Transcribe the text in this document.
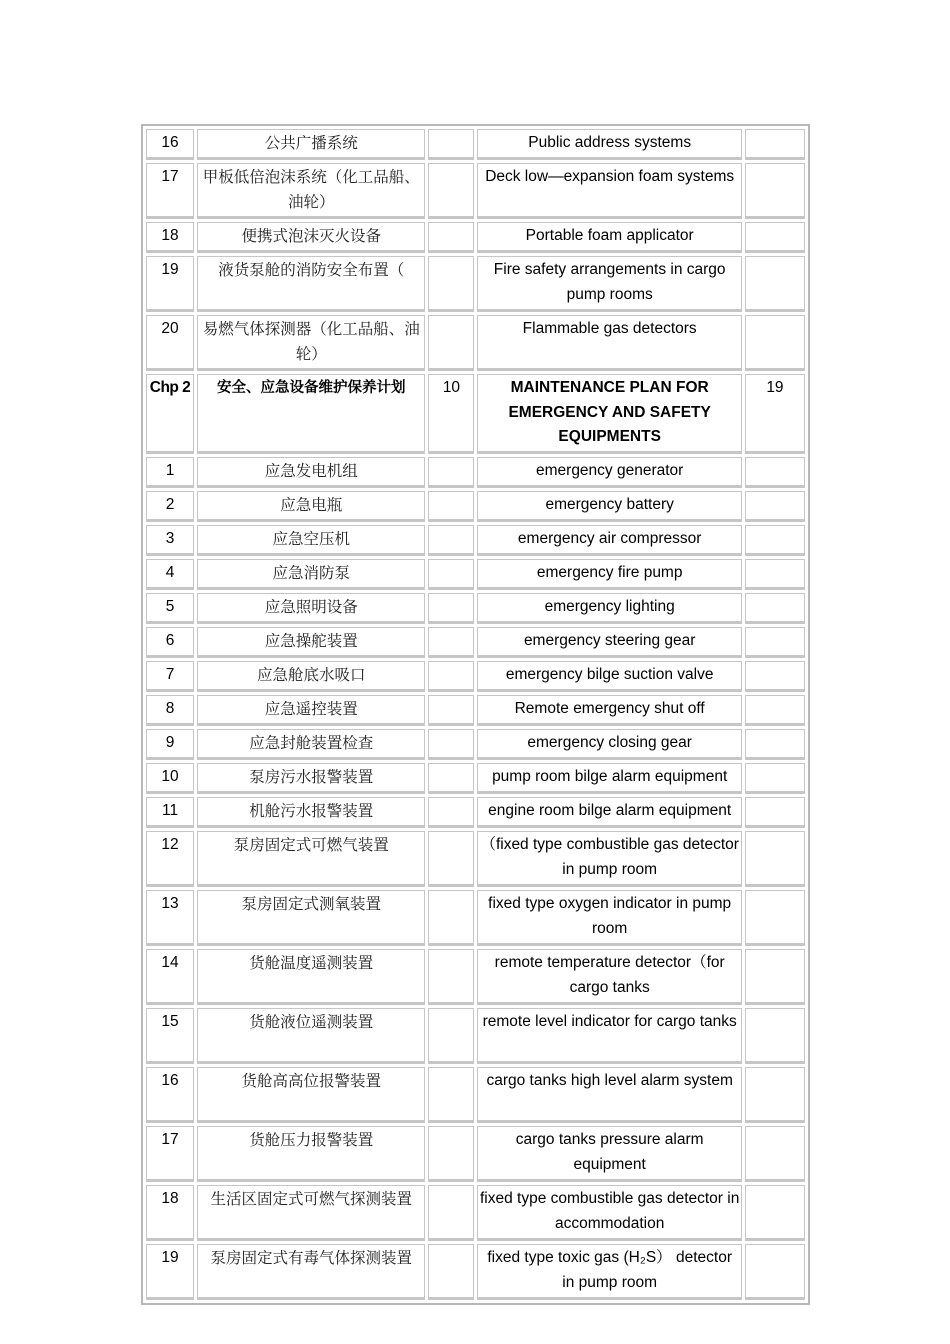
16	公共广播系统		Public address systems	
17	甲板低倍泡沫系统（化工品船、油轮）		Deck low—expansion foam systems	
18	便携式泡沫灭火设备		Portable foam applicator	
19	液货泵舱的消防安全布置（		Fire safety arrangements in cargo pump rooms	
20	易燃气体探测器（化工品船、油轮）		Flammable gas detectors	
Chp 2	安全、应急设备维护保养计划	10	MAINTENANCE PLAN FOR EMERGENCY AND SAFETY EQUIPMENTS	19
1	应急发电机组		emergency generator	
2	应急电瓶		emergency battery	
3	应急空压机		emergency air compressor	
4	应急消防泵		emergency fire pump	
5	应急照明设备		emergency lighting	
6	应急操舵装置		emergency steering gear	
7	应急舱底水吸口		emergency bilge suction valve	
8	应急遥控装置		Remote emergency shut off	
9	应急封舱装置检查		emergency closing gear	
10	泵房污水报警装置		pump room bilge alarm equipment	
11	机舱污水报警装置		engine room bilge alarm equipment	
12	泵房固定式可燃气装置		（fixed type combustible gas detector in pump room	
13	泵房固定式测氧装置		fixed type oxygen indicator in pump room	
14	货舱温度遥测装置		remote temperature detector（for cargo tanks	
15	货舱液位遥测装置		remote level indicator for cargo tanks	
16	货舱高高位报警装置		cargo tanks high level alarm system	
17	货舱压力报警装置		cargo tanks pressure alarm equipment	
18	生活区固定式可燃气探测装置		fixed type combustible gas detector in accommodation	
19	泵房固定式有毒气体探测装置		fixed type toxic gas (H₂S） detector in pump room	
